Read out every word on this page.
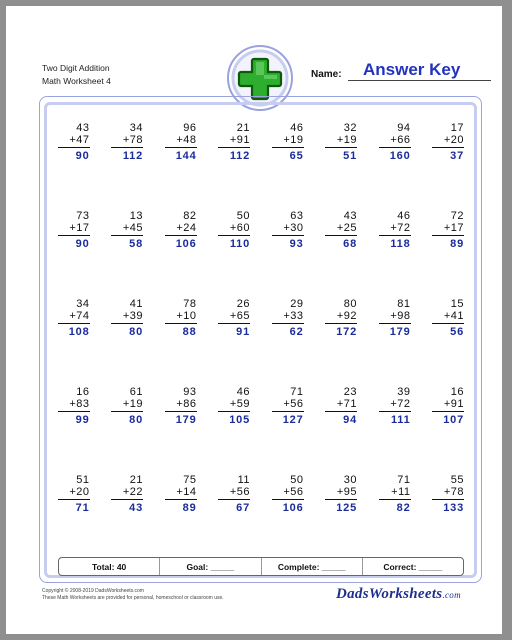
Two Digit Addition
Math Worksheet 4
Name: Answer Key
43
+47
90
34
+78
112
96
+48
144
21
+91
112
46
+19
65
32
+19
51
94
+66
160
17
+20
37
73
+17
90
13
+45
58
82
+24
106
50
+60
110
63
+30
93
43
+25
68
46
+72
118
72
+17
89
34
+74
108
41
+39
80
78
+10
88
26
+65
91
29
+33
62
80
+92
172
81
+98
179
15
+41
56
16
+83
99
61
+19
80
93
+86
179
46
+59
105
71
+56
127
23
+71
94
39
+72
111
16
+91
107
51
+20
71
21
+22
43
75
+14
89
11
+56
67
50
+56
106
30
+95
125
71
+11
82
55
+78
133
Total: 40	Goal: _____	Complete: _____	Correct: _____
Copyright © 2008-2019 DadsWorksheets.com
These Math Worksheets are provided for personal, homeschool or classroom use.	DadsWorksheets.com
